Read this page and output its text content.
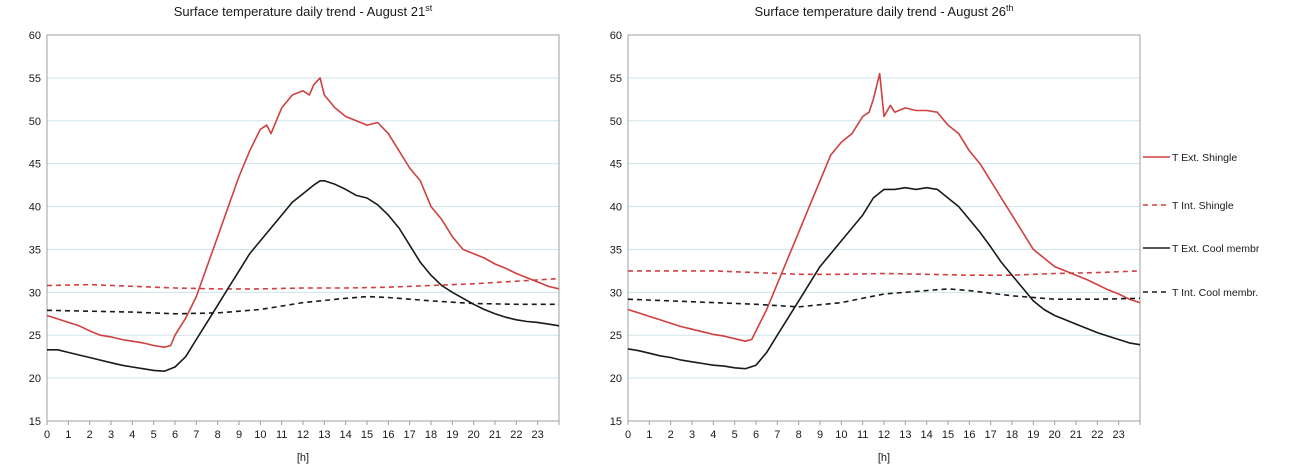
Surface temperature daily trend - August 21st
15
20
25
30
35
40
45
50
55
60
0 1 2 3 4 5 6 7 8 9 10 11 12 13 14 15 16 17 18 19 20 21 22 23
[h]
Surface temperature daily trend - August 26th
15
20
25
30
35
40
45
50
55
60
0 1 2 3 4 5 6 7 8 9 10 11 12 13 14 15 16 17 18 19 20 21 22 23
[h]
T Ext. Shingle
T Int. Shingle
T Ext. Cool membr
T Int. Cool membr.
